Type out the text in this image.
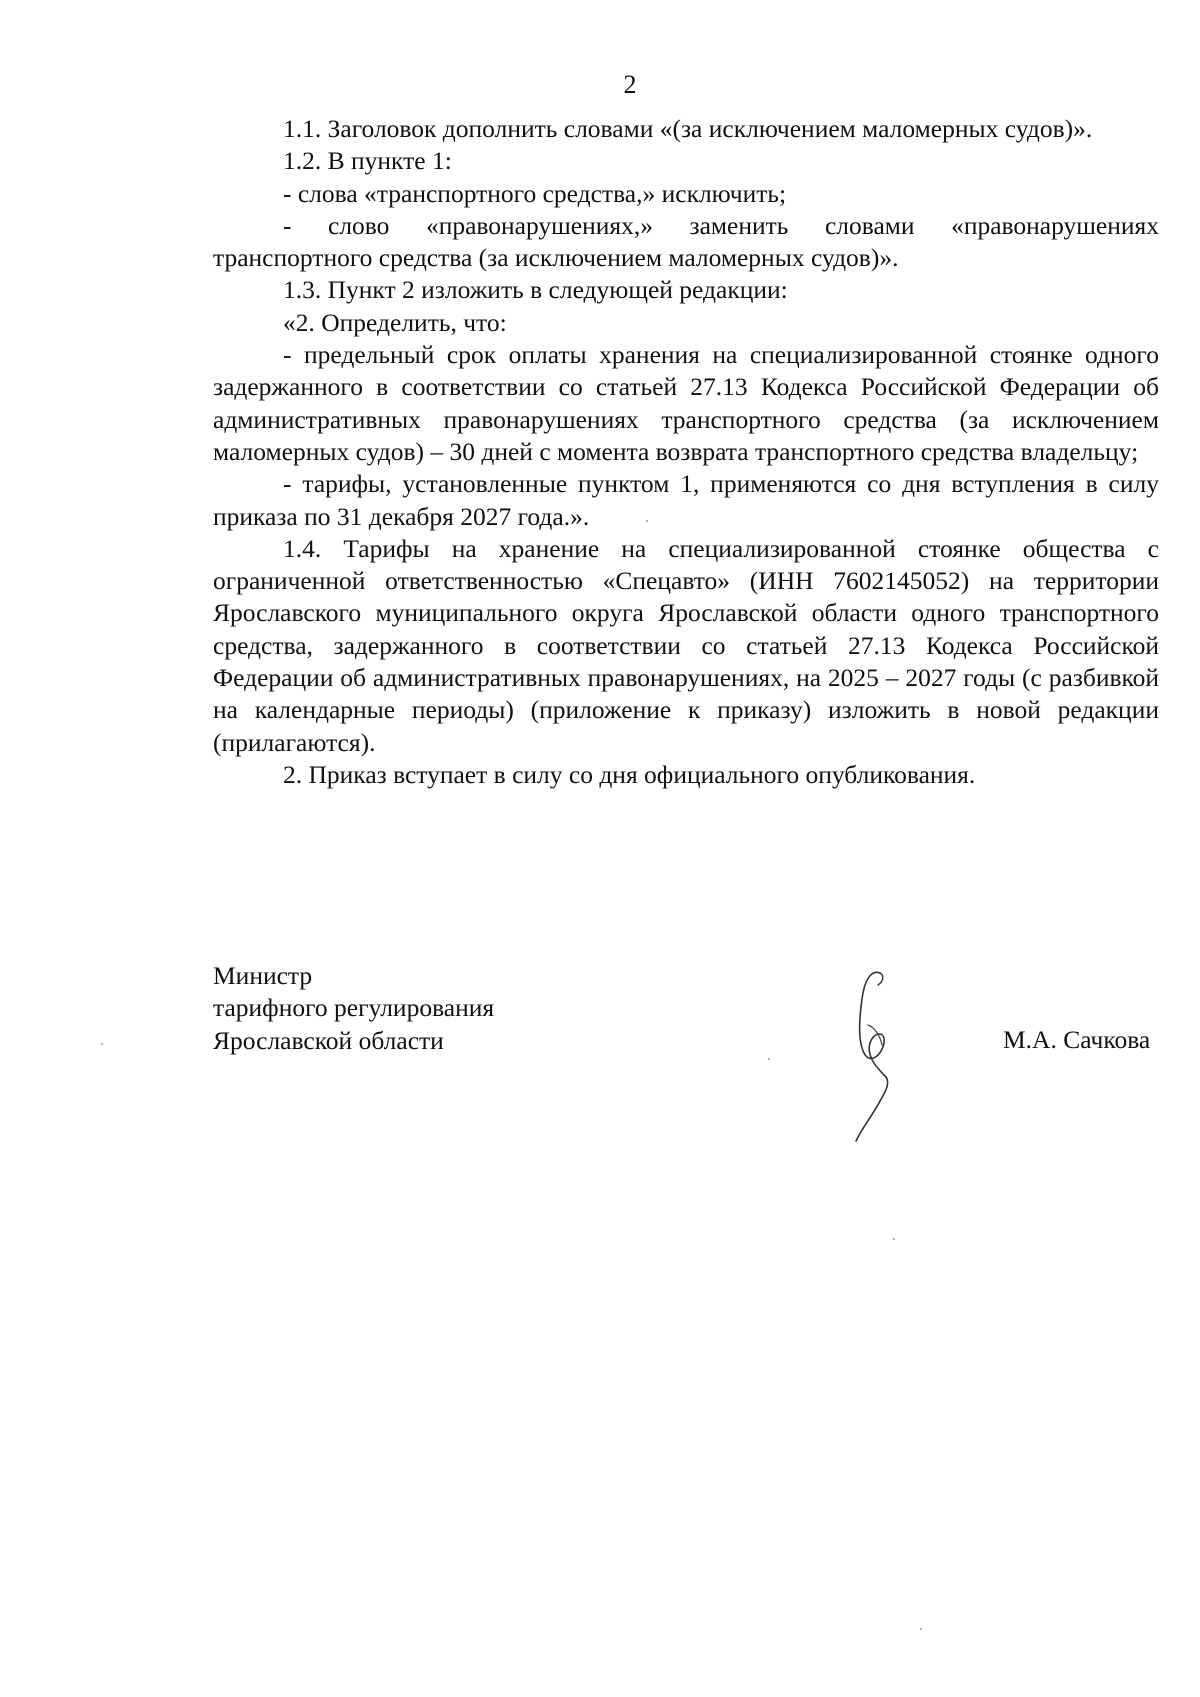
2

1.1. Заголовок дополнить словами «(за исключением маломерных судов)».

1.2. В пункте 1:

- слова «транспортного средства,» исключить;

- слово «правонарушениях,» заменить словами «правонарушениях транспортного средства (за исключением маломерных судов)».

1.3. Пункт 2 изложить в следующей редакции:

«2. Определить, что:

- предельный срок оплаты хранения на специализированной стоянке одного задержанного в соответствии со статьей 27.13 Кодекса Российской Федерации об административных правонарушениях транспортного средства (за исключением маломерных судов) – 30 дней с момента возврата транспортного средства владельцу;

- тарифы, установленные пунктом 1, применяются со дня вступления в силу приказа по 31 декабря 2027 года.».

1.4. Тарифы на хранение на специализированной стоянке общества с ограниченной ответственностью «Спецавто» (ИНН 7602145052) на территории Ярославского муниципального округа Ярославской области одного транспортного средства, задержанного в соответствии со статьей 27.13 Кодекса Российской Федерации об административных правонарушениях, на 2025 – 2027 годы (с разбивкой на календарные периоды) (приложение к приказу) изложить в новой редакции (прилагаются).

2. Приказ вступает в силу со дня официального опубликования.

Министр
тарифного регулирования
Ярославской области	М.А. Сачкова
